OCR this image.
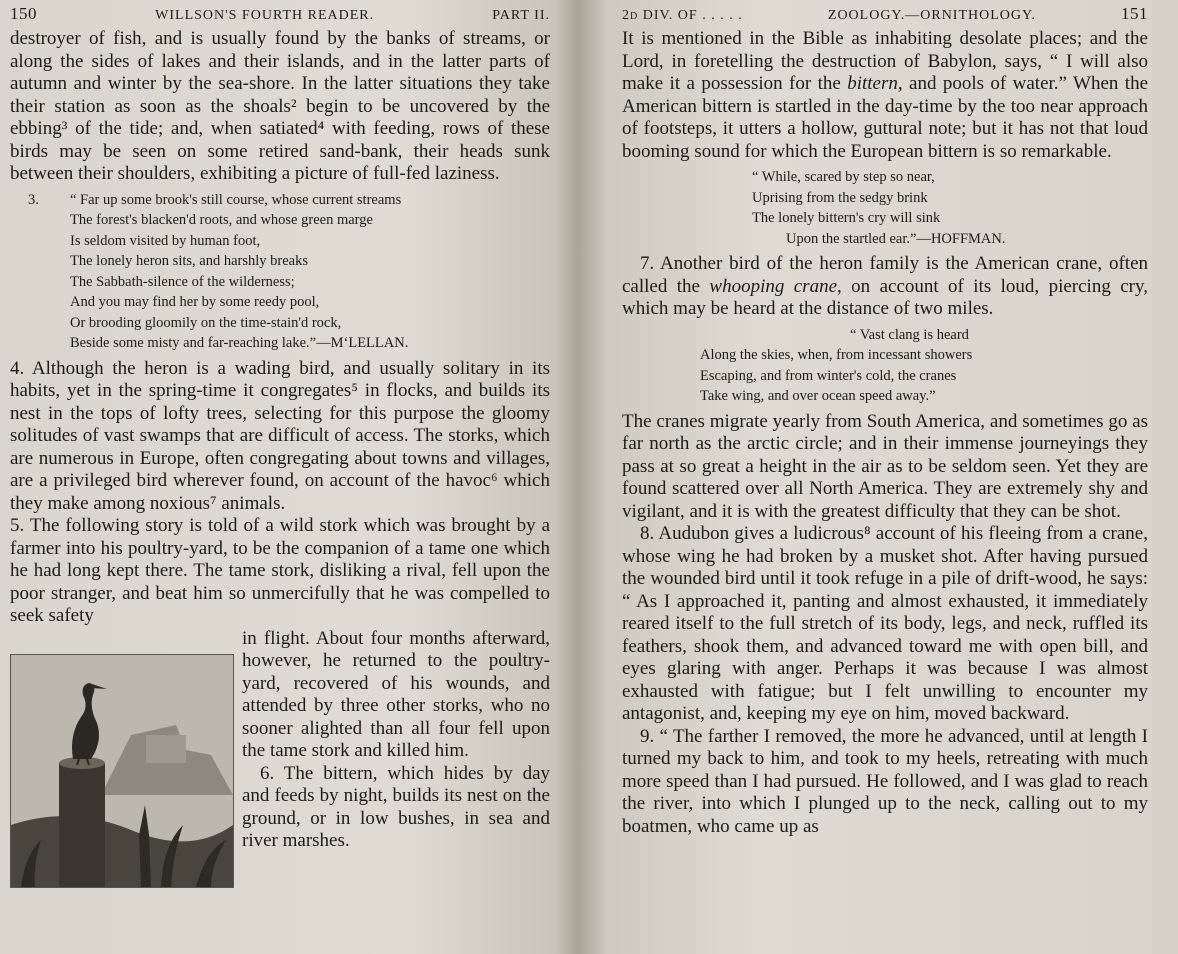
150	WILLSON'S FOURTH READER.	PART II.

destroyer of fish, and is usually found by the banks of streams, or along the sides of lakes and their islands, and in the latter parts of autumn and winter by the sea-shore. In the latter situations they take their station as soon as the shoals² begin to be uncovered by the ebbing³ of the tide; and, when satiated⁴ with feeding, rows of these birds may be seen on some retired sand-bank, their heads sunk between their shoulders, exhibiting a picture of full-fed laziness.

3. “ Far up some brook's still course, whose current streams
The forest's blacken'd roots, and whose green marge
Is seldom visited by human foot,
The lonely heron sits, and harshly breaks
The Sabbath-silence of the wilderness;
And you may find her by some reedy pool,
Or brooding gloomily on the time-stain'd rock,
Beside some misty and far-reaching lake.”—M‘LELLAN.

4. Although the heron is a wading bird, and usually solitary in its habits, yet in the spring-time it congregates⁵ in flocks, and builds its nest in the tops of lofty trees, selecting for this purpose the gloomy solitudes of vast swamps that are difficult of access. The storks, which are numerous in Europe, often congregating about towns and villages, are a privileged bird wherever found, on account of the havoc⁶ which they make among noxious⁷ animals.

5. The following story is told of a wild stork which was brought by a farmer into his poultry-yard, to be the companion of a tame one which he had long kept there. The tame stork, disliking a rival, fell upon the poor stranger, and beat him so unmercifully that he was compelled to seek safety

in flight. About four months afterward, however, he returned to the poultry-yard, recovered of his wounds, and attended by three other storks, who no sooner alighted than all four fell upon the tame stork and killed him.

6. The bittern, which hides by day and feeds by night, builds its nest on the ground, or in low bushes, in sea and river marshes.

2d DIV. OF . . . . .	ZOOLOGY.—ORNITHOLOGY.	151

It is mentioned in the Bible as inhabiting desolate places; and the Lord, in foretelling the destruction of Babylon, says, “ I will also make it a possession for the bittern, and pools of water.” When the American bittern is startled in the day-time by the too near approach of footsteps, it utters a hollow, guttural note; but it has not that loud booming sound for which the European bittern is so remarkable.

“ While, scared by step so near,
Uprising from the sedgy brink
The lonely bittern's cry will sink
Upon the startled ear.”—HOFFMAN.

7. Another bird of the heron family is the American crane, often called the whooping crane, on account of its loud, piercing cry, which may be heard at the distance of two miles.

“ Vast clang is heard
Along the skies, when, from incessant showers
Escaping, and from winter's cold, the cranes
Take wing, and over ocean speed away.”

The cranes migrate yearly from South America, and sometimes go as far north as the arctic circle; and in their immense journeyings they pass at so great a height in the air as to be seldom seen. Yet they are found scattered over all North America. They are extremely shy and vigilant, and it is with the greatest difficulty that they can be shot.

8. Audubon gives a ludicrous⁸ account of his fleeing from a crane, whose wing he had broken by a musket shot. After having pursued the wounded bird until it took refuge in a pile of drift-wood, he says: “ As I approached it, panting and almost exhausted, it immediately reared itself to the full stretch of its body, legs, and neck, ruffled its feathers, shook them, and advanced toward me with open bill, and eyes glaring with anger. Perhaps it was because I was almost exhausted with fatigue; but I felt unwilling to encounter my antagonist, and, keeping my eye on him, moved backward.

9. “ The farther I removed, the more he advanced, until at length I turned my back to him, and took to my heels, retreating with much more speed than I had pursued. He followed, and I was glad to reach the river, into which I plunged up to the neck, calling out to my boatmen, who came up as
